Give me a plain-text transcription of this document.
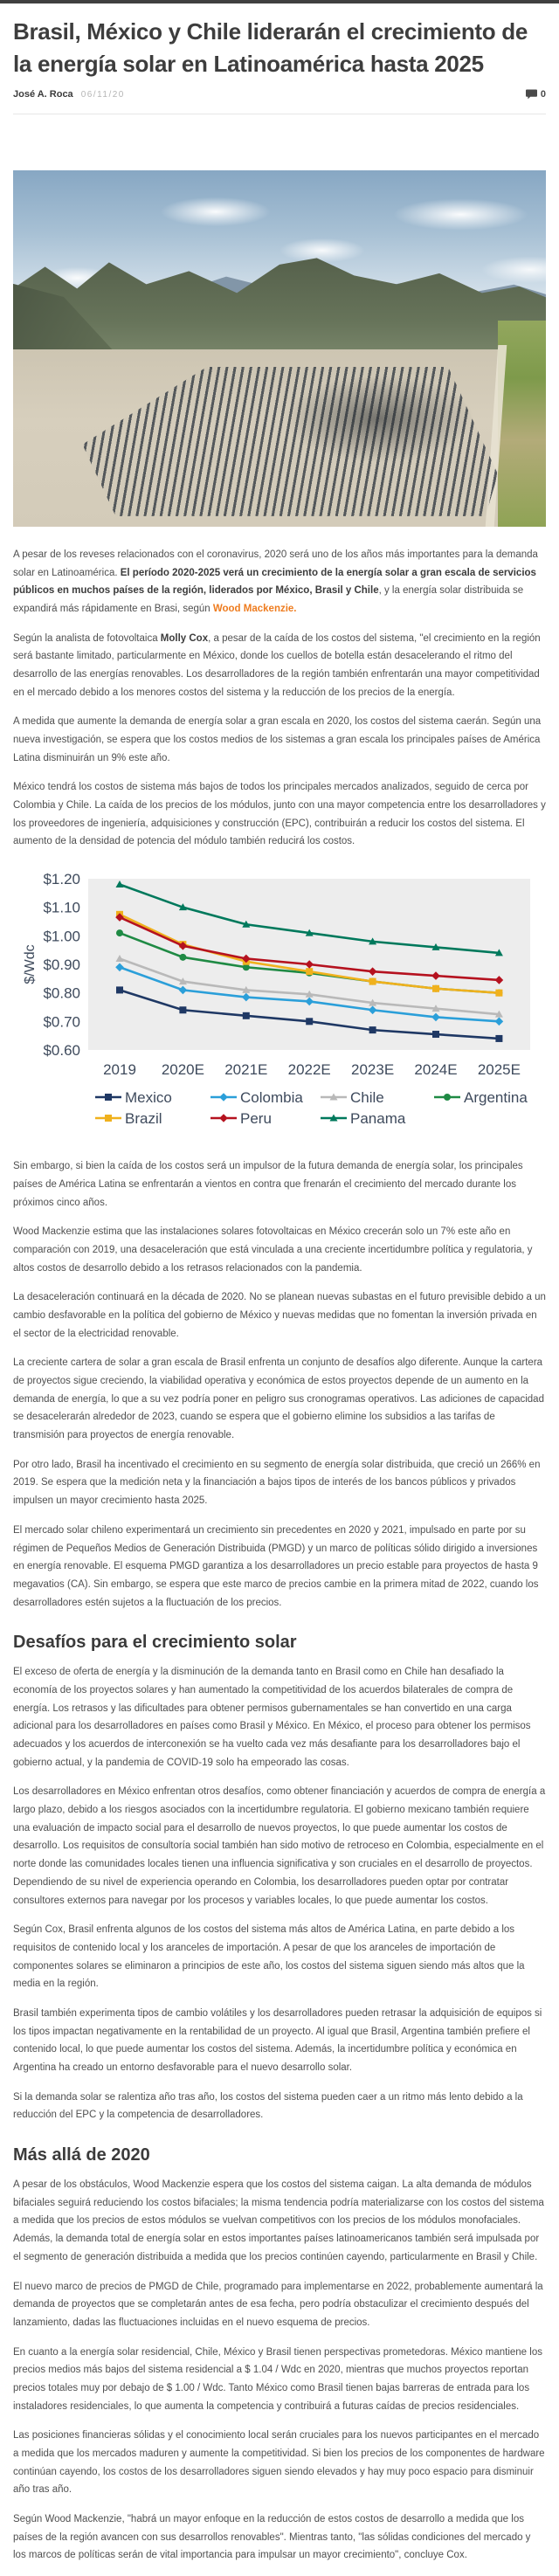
Brasil, México y Chile liderarán el crecimiento de la energía solar en Latinoamérica hasta 2025
José A. Roca 06/11/20	0

A pesar de los reveses relacionados con el coronavirus, 2020 será uno de los años más importantes para la demanda solar en Latinoamérica. El período 2020-2025 verá un crecimiento de la energía solar a gran escala de servicios públicos en muchos países de la región, liderados por México, Brasil y Chile, y la energía solar distribuida se expandirá más rápidamente en Brasi, según Wood Mackenzie.

Según la analista de fotovoltaica Molly Cox, a pesar de la caída de los costos del sistema, "el crecimiento en la región será bastante limitado, particularmente en México, donde los cuellos de botella están desacelerando el ritmo del desarrollo de las energías renovables. Los desarrolladores de la región también enfrentarán una mayor competitividad en el mercado debido a los menores costos del sistema y la reducción de los precios de la energía.

A medida que aumente la demanda de energía solar a gran escala en 2020, los costos del sistema caerán. Según una nueva investigación, se espera que los costos medios de los sistemas a gran escala los principales países de América Latina disminuirán un 9% este año.

México tendrá los costos de sistema más bajos de todos los principales mercados analizados, seguido de cerca por Colombia y Chile. La caída de los precios de los módulos, junto con una mayor competencia entre los desarrolladores y los proveedores de ingeniería, adquisiciones y construcción (EPC), contribuirán a reducir los costos del sistema. El aumento de la densidad de potencia del módulo también reducirá los costos.

$1.20
$1.10
$1.00
$0.90
$0.80
$0.70
$0.60
$/Wdc
2019 2020E 2021E 2022E 2023E 2024E 2025E
Mexico	Colombia	Chile	Argentina
Brazil	Peru	Panama

Sin embargo, si bien la caída de los costos será un impulsor de la futura demanda de energía solar, los principales países de América Latina se enfrentarán a vientos en contra que frenarán el crecimiento del mercado durante los próximos cinco años.

Wood Mackenzie estima que las instalaciones solares fotovoltaicas en México crecerán solo un 7% este año en comparación con 2019, una desaceleración que está vinculada a una creciente incertidumbre política y regulatoria, y altos costos de desarrollo debido a los retrasos relacionados con la pandemia.

La desaceleración continuará en la década de 2020. No se planean nuevas subastas en el futuro previsible debido a un cambio desfavorable en la política del gobierno de México y nuevas medidas que no fomentan la inversión privada en el sector de la electricidad renovable.

La creciente cartera de solar a gran escala de Brasil enfrenta un conjunto de desafíos algo diferente. Aunque la cartera de proyectos sigue creciendo, la viabilidad operativa y económica de estos proyectos depende de un aumento en la demanda de energía, lo que a su vez podría poner en peligro sus cronogramas operativos. Las adiciones de capacidad se desacelerarán alrededor de 2023, cuando se espera que el gobierno elimine los subsidios a las tarifas de transmisión para proyectos de energía renovable.

Por otro lado, Brasil ha incentivado el crecimiento en su segmento de energía solar distribuida, que creció un 266% en 2019. Se espera que la medición neta y la financiación a bajos tipos de interés de los bancos públicos y privados impulsen un mayor crecimiento hasta 2025.

El mercado solar chileno experimentará un crecimiento sin precedentes en 2020 y 2021, impulsado en parte por su régimen de Pequeños Medios de Generación Distribuida (PMGD) y un marco de políticas sólido dirigido a inversiones en energía renovable. El esquema PMGD garantiza a los desarrolladores un precio estable para proyectos de hasta 9 megavatios (CA). Sin embargo, se espera que este marco de precios cambie en la primera mitad de 2022, cuando los desarrolladores estén sujetos a la fluctuación de los precios.

Desafíos para el crecimiento solar

El exceso de oferta de energía y la disminución de la demanda tanto en Brasil como en Chile han desafiado la economía de los proyectos solares y han aumentado la competitividad de los acuerdos bilaterales de compra de energía. Los retrasos y las dificultades para obtener permisos gubernamentales se han convertido en una carga adicional para los desarrolladores en países como Brasil y México. En México, el proceso para obtener los permisos adecuados y los acuerdos de interconexión se ha vuelto cada vez más desafiante para los desarrolladores bajo el gobierno actual, y la pandemia de COVID-19 solo ha empeorado las cosas.

Los desarrolladores en México enfrentan otros desafíos, como obtener financiación y acuerdos de compra de energía a largo plazo, debido a los riesgos asociados con la incertidumbre regulatoria. El gobierno mexicano también requiere una evaluación de impacto social para el desarrollo de nuevos proyectos, lo que puede aumentar los costos de desarrollo. Los requisitos de consultoría social también han sido motivo de retroceso en Colombia, especialmente en el norte donde las comunidades locales tienen una influencia significativa y son cruciales en el desarrollo de proyectos. Dependiendo de su nivel de experiencia operando en Colombia, los desarrolladores pueden optar por contratar consultores externos para navegar por los procesos y variables locales, lo que puede aumentar los costos.

Según Cox, Brasil enfrenta algunos de los costos del sistema más altos de América Latina, en parte debido a los requisitos de contenido local y los aranceles de importación. A pesar de que los aranceles de importación de componentes solares se eliminaron a principios de este año, los costos del sistema siguen siendo más altos que la media en la región.

Brasil también experimenta tipos de cambio volátiles y los desarrolladores pueden retrasar la adquisición de equipos si los tipos impactan negativamente en la rentabilidad de un proyecto. Al igual que Brasil, Argentina también prefiere el contenido local, lo que puede aumentar los costos del sistema. Además, la incertidumbre política y económica en Argentina ha creado un entorno desfavorable para el nuevo desarrollo solar.

Si la demanda solar se ralentiza año tras año, los costos del sistema pueden caer a un ritmo más lento debido a la reducción del EPC y la competencia de desarrolladores.

Más allá de 2020

A pesar de los obstáculos, Wood Mackenzie espera que los costos del sistema caigan. La alta demanda de módulos bifaciales seguirá reduciendo los costos bifaciales; la misma tendencia podría materializarse con los costos del sistema a medida que los precios de estos módulos se vuelvan competitivos con los precios de los módulos monofaciales. Además, la demanda total de energía solar en estos importantes países latinoamericanos también será impulsada por el segmento de generación distribuida a medida que los precios continúen cayendo, particularmente en Brasil y Chile.

El nuevo marco de precios de PMGD de Chile, programado para implementarse en 2022, probablemente aumentará la demanda de proyectos que se completarán antes de esa fecha, pero podría obstaculizar el crecimiento después del lanzamiento, dadas las fluctuaciones incluidas en el nuevo esquema de precios.

En cuanto a la energía solar residencial, Chile, México y Brasil tienen perspectivas prometedoras. México mantiene los precios medios más bajos del sistema residencial a $ 1.04 / Wdc en 2020, mientras que muchos proyectos reportan precios totales muy por debajo de $ 1.00 / Wdc. Tanto México como Brasil tienen bajas barreras de entrada para los instaladores residenciales, lo que aumenta la competencia y contribuirá a futuras caídas de precios residenciales.

Las posiciones financieras sólidas y el conocimiento local serán cruciales para los nuevos participantes en el mercado a medida que los mercados maduren y aumente la competitividad. Si bien los precios de los componentes de hardware continúan cayendo, los costos de los desarrolladores siguen siendo elevados y hay muy poco espacio para disminuir año tras año.

Según Wood Mackenzie, "habrá un mayor enfoque en la reducción de estos costos de desarrollo a medida que los países de la región avancen con sus desarrollos renovables". Mientras tanto, "las sólidas condiciones del mercado y los marcos de políticas serán de vital importancia para impulsar un mayor crecimiento", concluye Cox.
